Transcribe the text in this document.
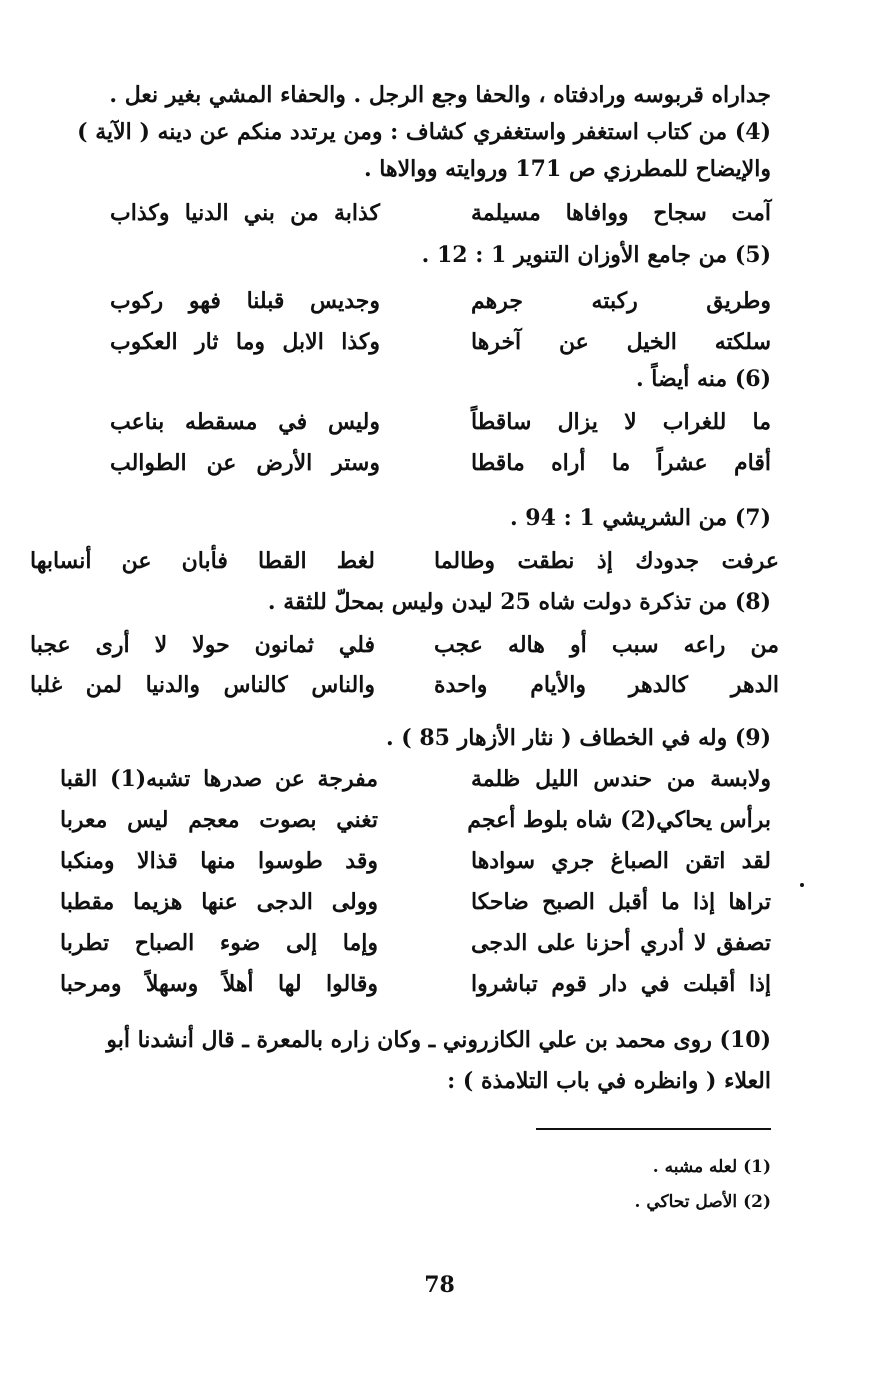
جداراه قربوسه ورادفتاه ، والحفا وجع الرجل . والحفاء المشي بغير نعل .
(4) من كتاب استغفر واستغفري كشاف : ومن يرتدد منكم عن دينه ( الآية )
والإيضاح للمطرزي ص 171 وروايته ووالاها .
آمت سجاح ووافاها مسيلمة
كذابة من بني الدنيا وكذاب
(5) من جامع الأوزان التنوير 1 : 12 .
وطريق ركبته جرهم
وجديس قبلنا فهو ركوب
سلكته الخيل عن آخرها
وكذا الابل وما ثار العكوب
(6) منه أيضاً .
ما للغراب لا يزال ساقطاً
وليس في مسقطه بناعب
أقام عشراً ما أراه ماقطا
وستر الأرض عن الطوالب
(7) من الشريشي 1 : 94 .
عرفت جدودك إذ نطقت وطالما
لغط القطا فأبان عن أنسابها
(8) من تذكرة دولت شاه 25 ليدن وليس بمحلّ للثقة .
من راعه سبب أو هاله عجب
فلي ثمانون حولا لا أرى عجبا
الدهر كالدهر والأيام واحدة
والناس كالناس والدنيا لمن غلبا
(9) وله في الخطاف ( نثار الأزهار 85 ) .
ولابسة من حندس الليل ظلمة
مفرجة عن صدرها تشبه(1) القبا
برأس يحاكي(2) شاه بلوط أعجم
تغني بصوت معجم ليس معربا
لقد اتقن الصباغ جري سوادها
وقد طوسوا منها قذالا ومنكبا
تراها إذا ما أقبل الصبح ضاحكا
وولى الدجى عنها هزيما مقطبا
تصفق لا أدري أحزنا على الدجى
وإما إلى ضوء الصباح تطربا
إذا أقبلت في دار قوم تباشروا
وقالوا لها أهلاً وسهلاً ومرحبا
(10) روى محمد بن علي الكازروني ـ وكان زاره بالمعرة ـ قال أنشدنا أبو
العلاء ( وانظره في باب التلامذة ) :
(1) لعله مشبه .
(2) الأصل تحاكي .
78
